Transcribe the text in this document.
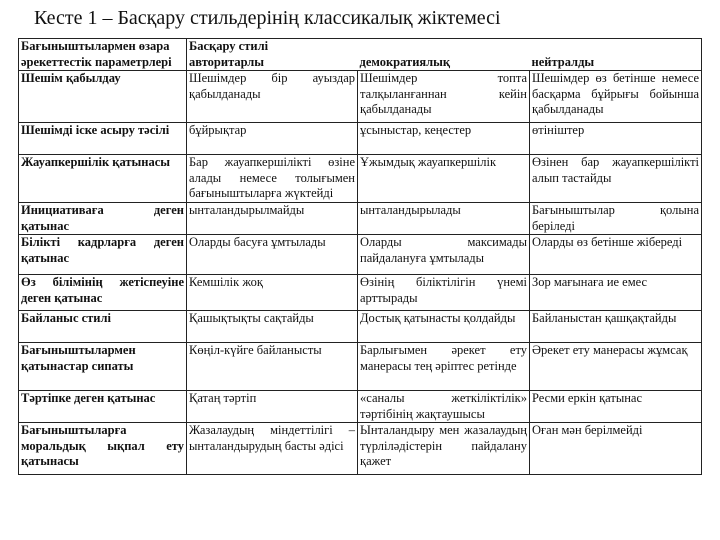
Кесте 1 – Басқару стильдерінің классикалық жіктемесі
Бағыныштылармен өзара әрекеттестік параметрлері	Басқару стилі		
	авторитарлы	демократиялық	нейтралды
Шешім қабылдау	Шешімдер бір ауыздар қабылданады	Шешімдер топта талқыланғаннан кейін қабылданады	Шешімдер өз бетінше немесе басқарма бұйрығы бойынша қабылданады
Шешімді іске асыру тәсілі	бұйрықтар	ұсыныстар, кеңестер	өтініштер
Жауапкершілік қатынасы	Бар жауапкершілікті өзіне алады немесе толығымен бағыныштыларға жүктейді	Ұжымдық жауапкершілік	Өзінен бар жауапкершілікті алып тастайды
Инициативаға деген қатынас	ынталандырылмайды	ынталандырылады	Бағыныштылар қолына беріледі
Білікті кадрларға деген қатынас	Оларды басуға ұмтылады	Оларды максимады пайдалануға ұмтылады	Оларды өз бетінше жібереді
Өз білімінің жетіспеуіне деген қатынас	Кемшілік жоқ	Өзінің біліктілігін үнемі арттырады	Зор мағынаға ие емес
Байланыс стилі	Қашықтықты сақтайды	Достық қатынасты қолдайды	Байланыстан қашқақтайды
Бағыныштылармен қатынастар сипаты	Көңіл-күйге байланысты	Барлығымен әрекет ету манерасы тең әріптес ретінде	Әрекет ету манерасы жұмсақ
Тәртіпке деген қатынас	Қатаң тәртіп	«саналы жеткіліктілік» тәртібінің жақтаушысы	Ресми еркін қатынас
Бағыныштыларға моральдық ықпал ету қатынасы	Жазалаудың міндеттілігі – ынталандырудың басты әдісі	Ынталандыру мен жазалаудың түрліләдістерін пайдалану қажет	Оған мән берілмейді
